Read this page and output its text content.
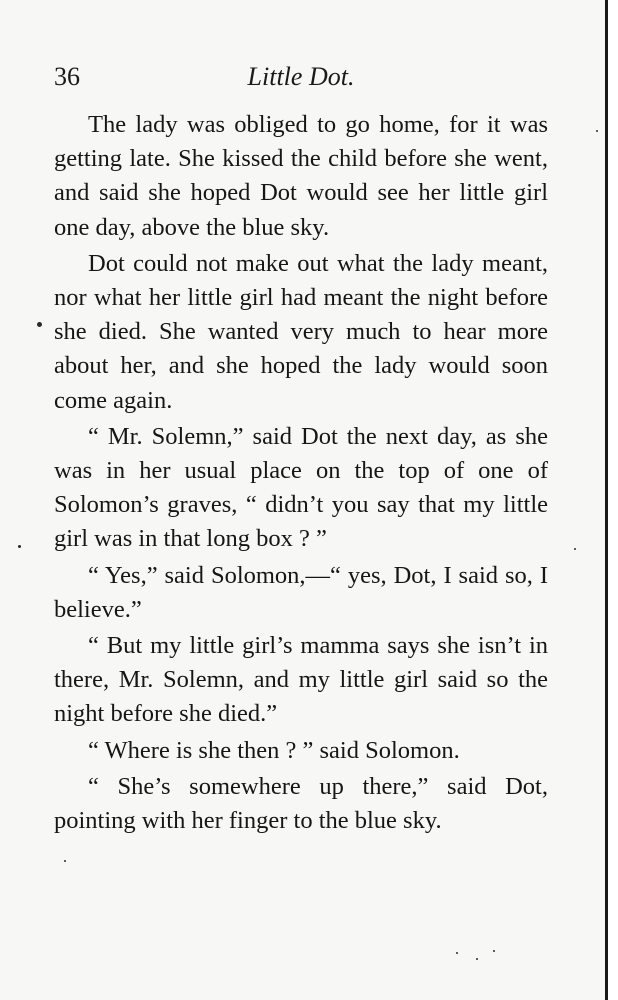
36	Little Dot.

The lady was obliged to go home, for it was getting late. She kissed the child before she went, and said she hoped Dot would see her little girl one day, above the blue sky.

Dot could not make out what the lady meant, nor what her little girl had meant the night before she died. She wanted very much to hear more about her, and she hoped the lady would soon come again.

“ Mr. Solemn,” said Dot the next day, as she was in her usual place on the top of one of Solomon’s graves, “ didn’t you say that my little girl was in that long box ? ”

“ Yes,” said Solomon,—“ yes, Dot, I said so, I believe.”

“ But my little girl’s mamma says she isn’t in there, Mr. Solemn, and my little girl said so the night before she died.”

“ Where is she then ? ” said Solomon.

“ She’s somewhere up there,” said Dot, pointing with her finger to the blue sky.
